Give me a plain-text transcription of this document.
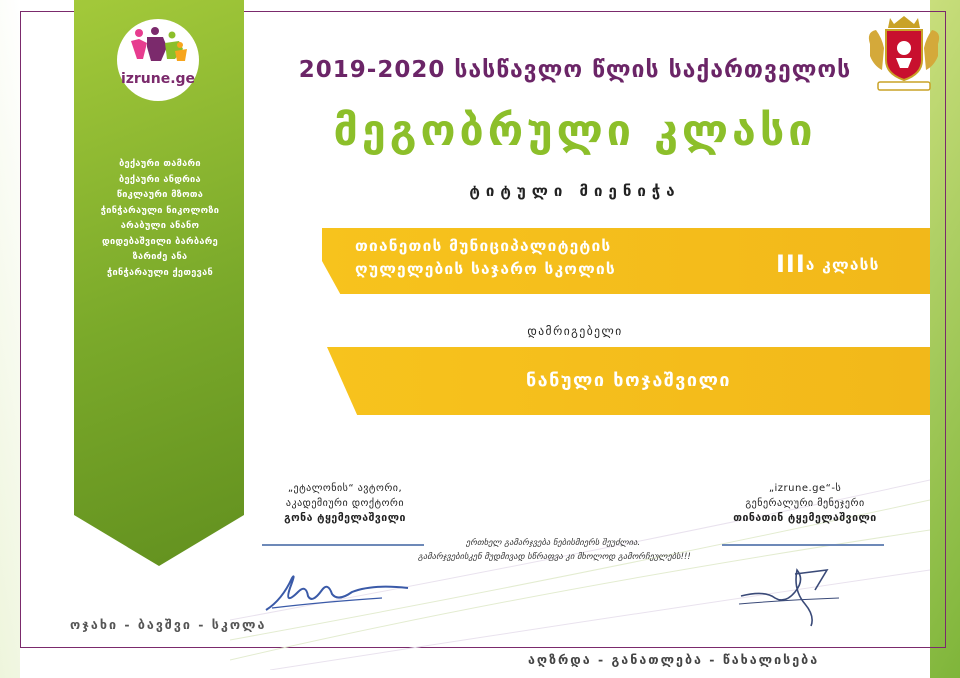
izrune.ge
ბექაური თამარი
ბექაური ანდრია
წიკლაური მზოთა
ჭინჭარაული ნიკოლოზი
არაბული ანანო
დიდებაშვილი ბარბარე
ზარიძე ანა
ჭინჭარაული ქეთევან
2019-2020 სასწავლო წლის საქართველოს
მეგობრული კლასი
ტიტული მიენიჭა
თიანეთის მუნიციპალიტეტის
ღულელების საჯარო სკოლის	IIIა კლასს
დამრიგებელი
ნანული ხოჯაშვილი
„ეტალონის“ ავტორი,
აკადემიური დოქტორი
გონა ტყემელაშვილი
„izrune.ge“-ს
გენერალური მენეჯერი
თინათინ ტყემელაშვილი
ერთხელ გამარჯვება ნებისმიერს შეუძლია.
გამარჯვებისკენ მუდმივად სწრაფვა კი მხოლოდ გამორჩეულებს!!!
ოჯახი - ბავშვი - სკოლა
აღზრდა - განათლება - წახალისება
